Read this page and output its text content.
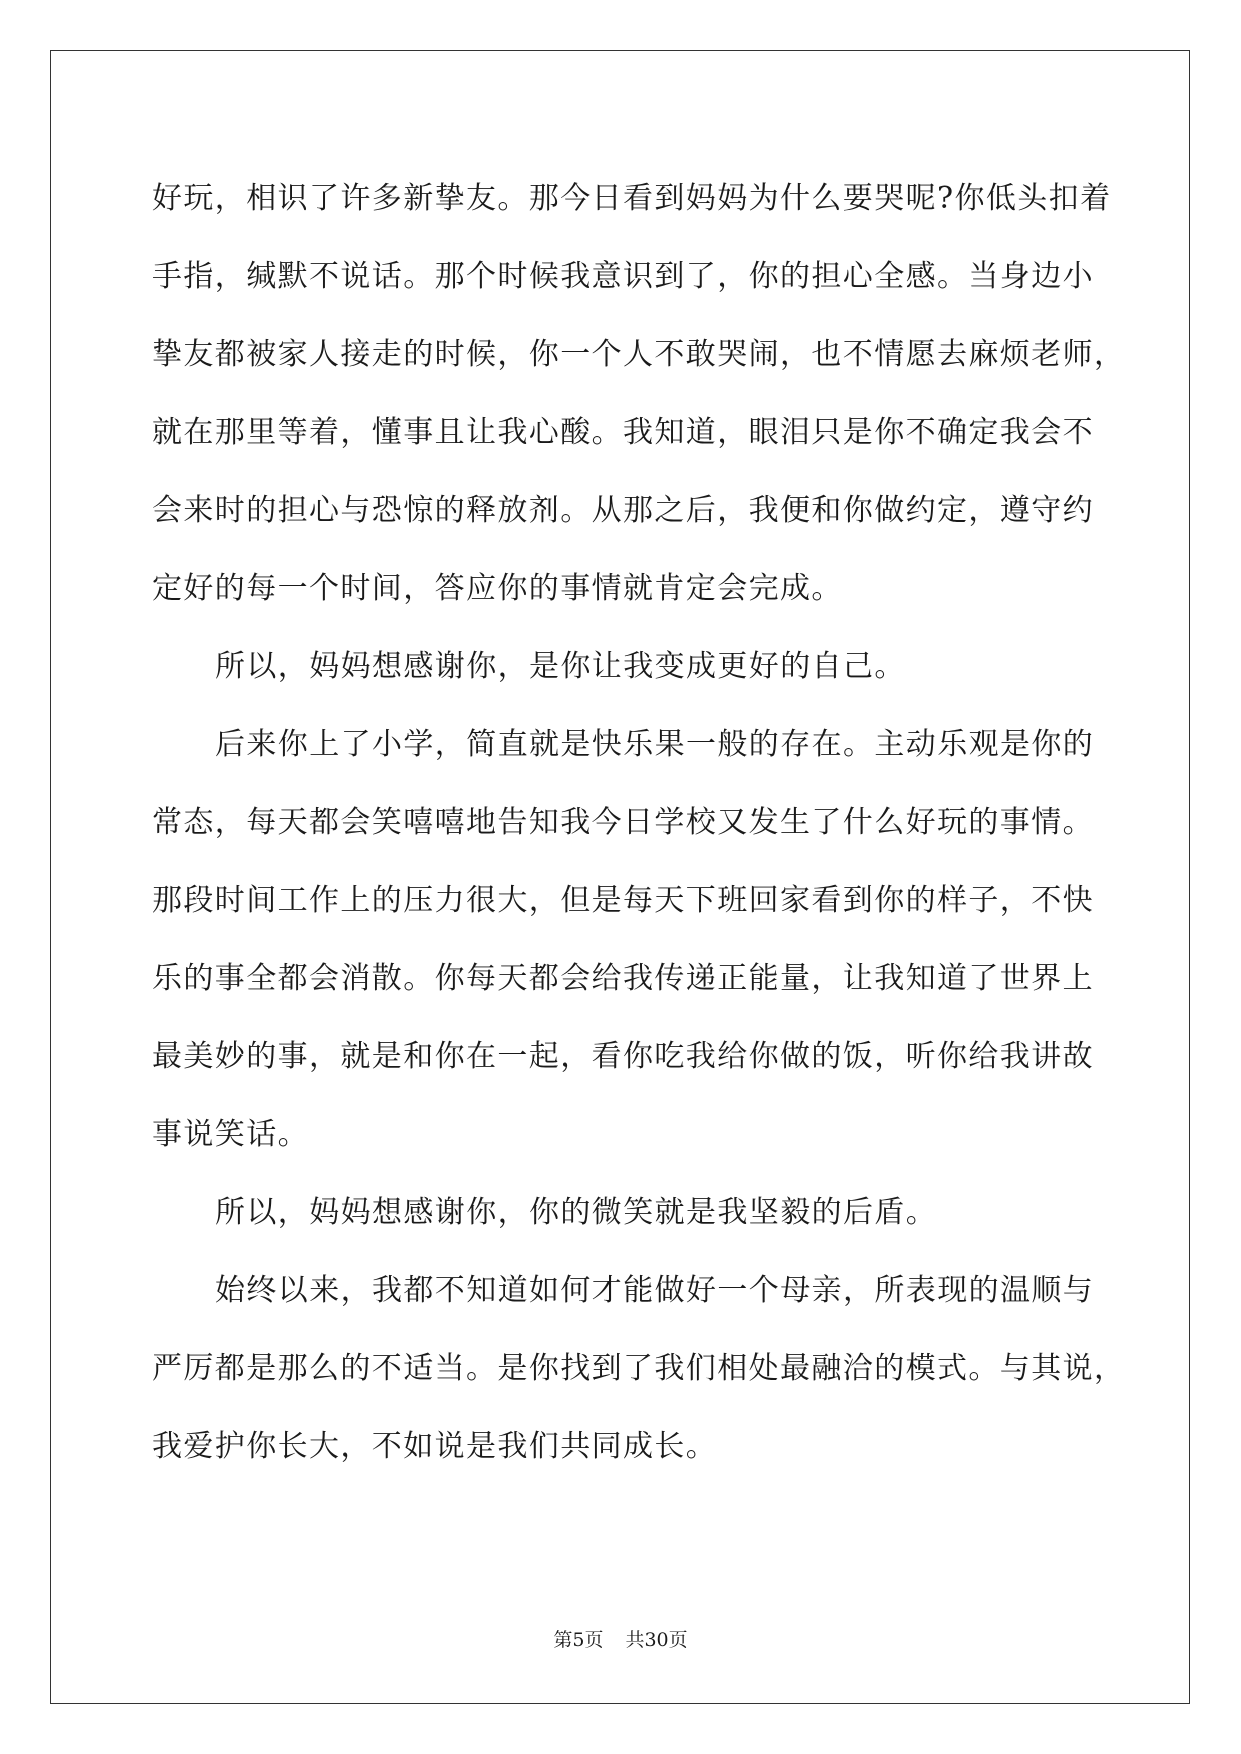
好玩，相识了许多新挚友。那今日看到妈妈为什么要哭呢?你低头扣着
手指，缄默不说话。那个时候我意识到了，你的担心全感。当身边小
挚友都被家人接走的时候，你一个人不敢哭闹，也不情愿去麻烦老师，
就在那里等着，懂事且让我心酸。我知道，眼泪只是你不确定我会不
会来时的担心与恐惊的释放剂。从那之后，我便和你做约定，遵守约
定好的每一个时间，答应你的事情就肯定会完成。
所以，妈妈想感谢你，是你让我变成更好的自己。
后来你上了小学，简直就是快乐果一般的存在。主动乐观是你的
常态，每天都会笑嘻嘻地告知我今日学校又发生了什么好玩的事情。
那段时间工作上的压力很大，但是每天下班回家看到你的样子，不快
乐的事全都会消散。你每天都会给我传递正能量，让我知道了世界上
最美妙的事，就是和你在一起，看你吃我给你做的饭，听你给我讲故
事说笑话。
所以，妈妈想感谢你，你的微笑就是我坚毅的后盾。
始终以来，我都不知道如何才能做好一个母亲，所表现的温顺与
严厉都是那么的不适当。是你找到了我们相处最融洽的模式。与其说，
我爱护你长大，不如说是我们共同成长。
第5页 共30页
